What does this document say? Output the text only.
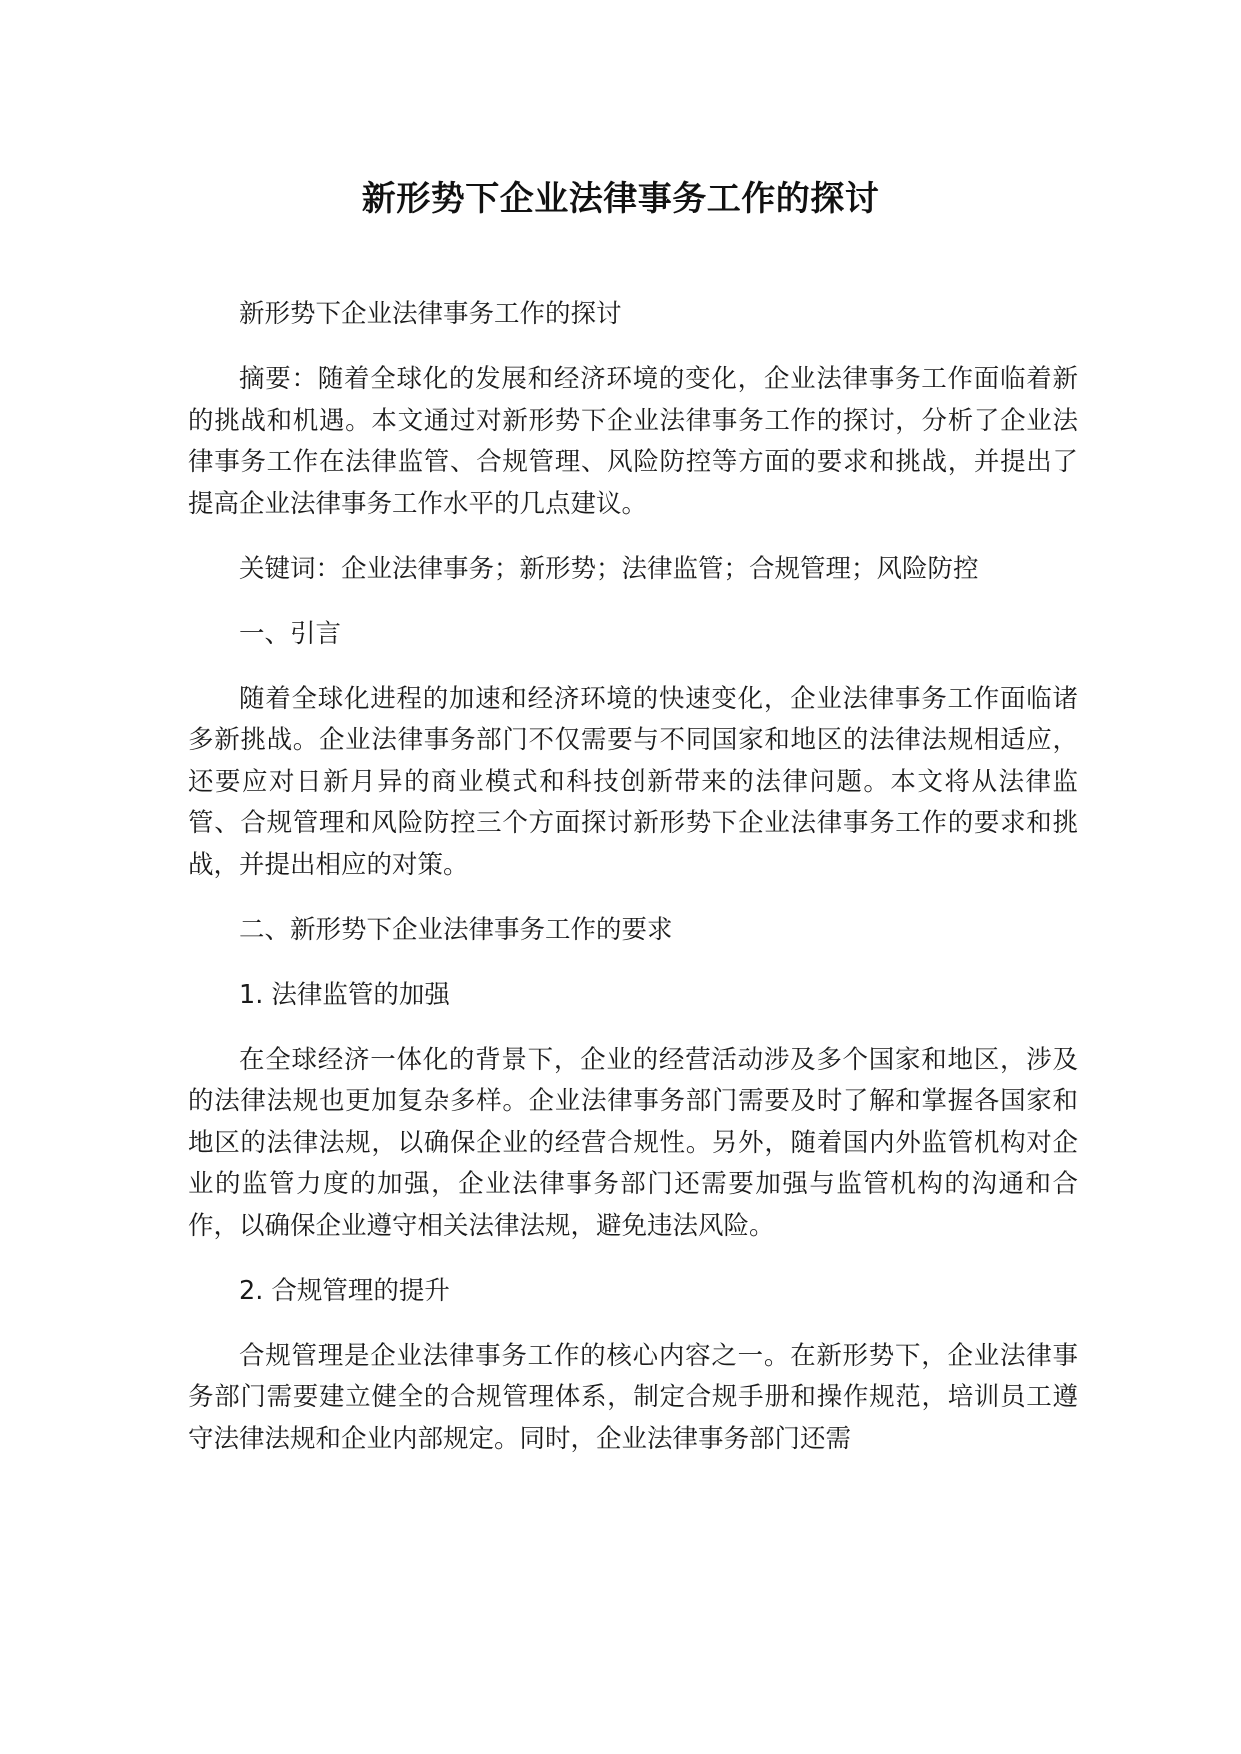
新形势下企业法律事务工作的探讨

新形势下企业法律事务工作的探讨

摘要：随着全球化的发展和经济环境的变化，企业法律事务工作面临着新的挑战和机遇。本文通过对新形势下企业法律事务工作的探讨，分析了企业法律事务工作在法律监管、合规管理、风险防控等方面的要求和挑战，并提出了提高企业法律事务工作水平的几点建议。

关键词：企业法律事务；新形势；法律监管；合规管理；风险防控

一、引言

随着全球化进程的加速和经济环境的快速变化，企业法律事务工作面临诸多新挑战。企业法律事务部门不仅需要与不同国家和地区的法律法规相适应，还要应对日新月异的商业模式和科技创新带来的法律问题。本文将从法律监管、合规管理和风险防控三个方面探讨新形势下企业法律事务工作的要求和挑战，并提出相应的对策。

二、新形势下企业法律事务工作的要求

1. 法律监管的加强

在全球经济一体化的背景下，企业的经营活动涉及多个国家和地区，涉及的法律法规也更加复杂多样。企业法律事务部门需要及时了解和掌握各国家和地区的法律法规，以确保企业的经营合规性。另外，随着国内外监管机构对企业的监管力度的加强，企业法律事务部门还需要加强与监管机构的沟通和合作，以确保企业遵守相关法律法规，避免违法风险。

2. 合规管理的提升

合规管理是企业法律事务工作的核心内容之一。在新形势下，企业法律事务部门需要建立健全的合规管理体系，制定合规手册和操作规范，培训员工遵守法律法规和企业内部规定。同时，企业法律事务部门还需
